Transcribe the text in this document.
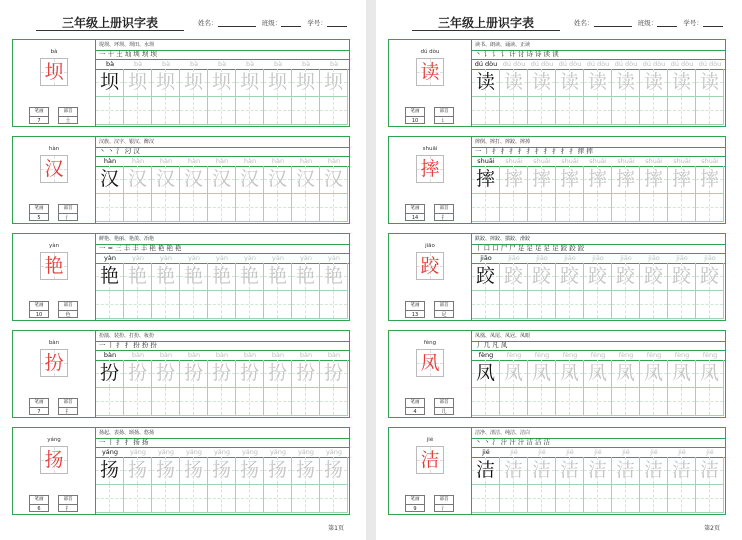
三年级上册识字表	姓名：	班级：	学号：
bà
坝
笔画
7
部首
土
堤坝、坪坝、坝田、水坝
一 十 土 圸 圳 坝 坝
bà	bà	bà	bà	bà	bà	bà	bà	bà
坝 坝 坝 坝 坝 坝 坝 坝 坝
hàn
汉
笔画
5
部首
氵
汉族、汉字、银汉、醉汉
丶 丶 氵 汈 汉
hàn	hàn	hàn	hàn	hàn	hàn	hàn	hàn	hàn
汉 汉 汉 汉 汉 汉 汉 汉 汉
yàn
艳
笔画
10
部首
色
鲜艳、艳丽、艳羡、冶艳
一 = 三 丰 丰 丰 艳 艳 艳 艳
yàn	yàn	yàn	yàn	yàn	yàn	yàn	yàn	yàn
艳 艳 艳 艳 艳 艳 艳 艳 艳
bàn
扮
笔画
7
部首
扌
扮演、装扮、打扮、妆扮
一 丨 扌 扌 扮 扮 扮
bàn	bàn	bàn	bàn	bàn	bàn	bàn	bàn	bàn
扮 扮 扮 扮 扮 扮 扮 扮 扮
yáng
扬
笔画
6
部首
扌
扬起、表扬、颂扬、悠扬
一 丨 扌 扌 扬 扬
yáng	yáng	yáng	yáng	yáng	yáng	yáng	yáng	yáng
扬 扬 扬 扬 扬 扬 扬 扬 扬
第1页
三年级上册识字表	姓名：	班级：	学号：
dú dòu
读
笔画
10
部首
讠
读书、朗读、诵读、正读
丶 讠 讠 讠 计 讨 诗 诗 读 读
dú dòu dú dòu dú dòu dú dòu dú dòu dú dòu dú dòu dú dòu dú dòu
读 读 读 读 读 读 读 读 读
shuāi
摔
笔画
14
部首
扌
摔倒、摔打、摔跤、摔掉
一 丨 扌 扌 扌 扌 扌 扌 扌 扌 扌 扌 摔 摔
shuāi	shuāi	shuāi	shuāi	shuāi	shuāi	shuāi	shuāi	shuāi
摔 摔 摔 摔 摔 摔 摔 摔 摔
jiāo
跤
笔画
13
部首
足
跌跤、摔跤、掼跤、滑跤
丨 口 口 尸 尸 足 足 足 足 足 跤 跤 跤
jiāo	jiāo	jiāo	jiāo	jiāo	jiāo	jiāo	jiāo	jiāo
跤 跤 跤 跤 跤 跤 跤 跤 跤
fèng
凤
笔画
4
部首
几
凤凰、凤尾、凤冠、凤眼
丿 几 凡 凤
fèng	fèng	fèng	fèng	fèng	fèng	fèng	fèng	fèng
凤 凤 凤 凤 凤 凤 凤 凤 凤
jié
洁
笔画
9
部首
氵
洁净、清洁、纯洁、洁白
丶 丶 氵 汁 汁 汁 洁 洁 洁
jié	jié	jié	jié	jié	jié	jié	jié	jié
洁 洁 洁 洁 洁 洁 洁 洁 洁
第2页
